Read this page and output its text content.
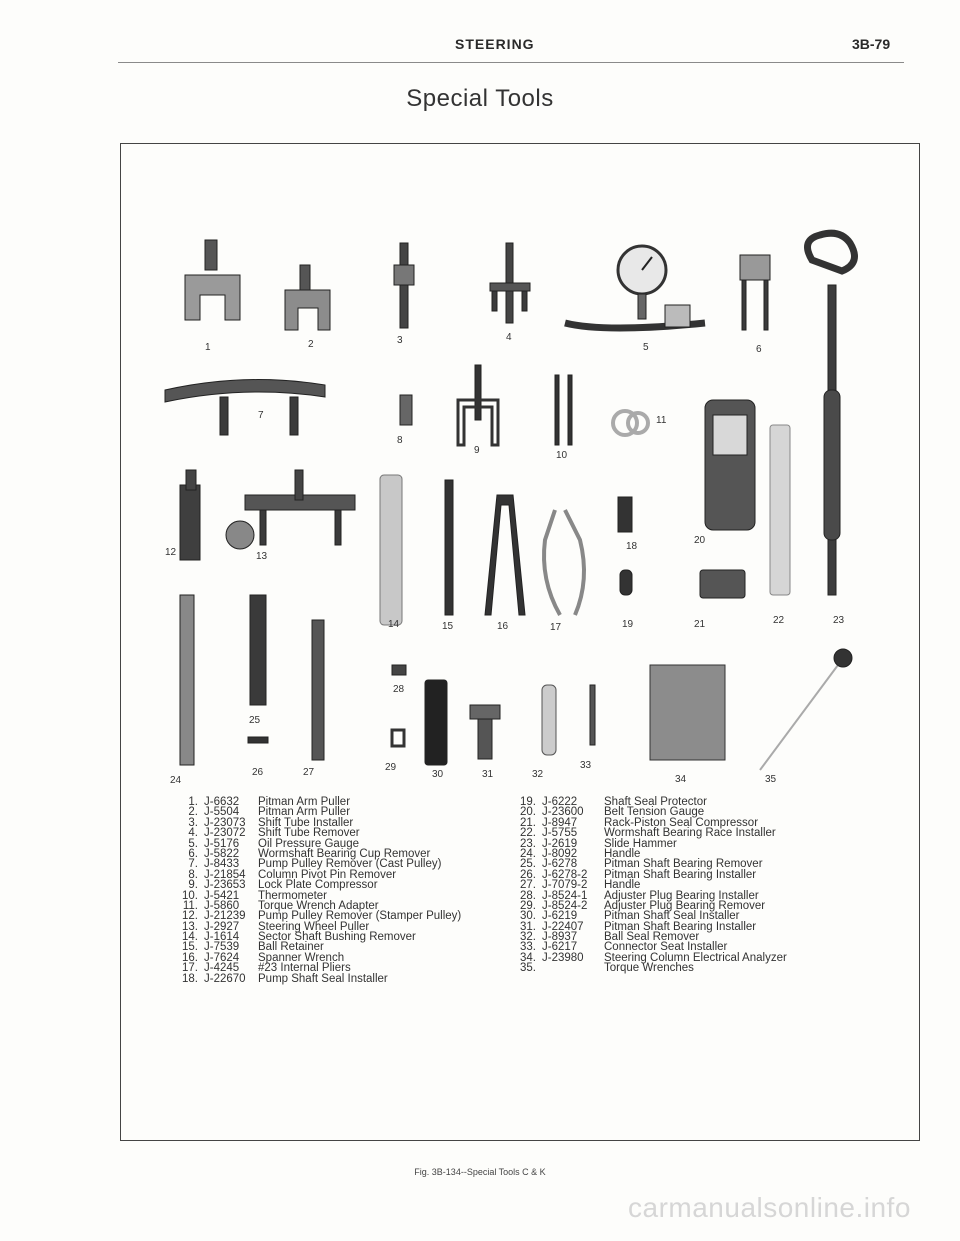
STEERING	3B-79
Special Tools
1	2	3	4
5	6
7
8
9	10
11
12	13
14	15	16	17
18
19
20
21	22	23
24
25
26	27
28
29
30	31	32
33
34	35
1. J-6632	Pitman Arm Puller
2. J-5504	Pitman Arm Puller
3. J-23073	Shift Tube Installer
4. J-23072	Shift Tube Remover
5. J-5176	Oil Pressure Gauge
6. J-5822	Wormshaft Bearing Cup Remover
7. J-8433	Pump Pulley Remover (Cast Pulley)
8. J-21854	Column Pivot Pin Remover
9. J-23653	Lock Plate Compressor
10. J-5421	Thermometer
11. J-5860	Torque Wrench Adapter
12. J-21239	Pump Pulley Remover (Stamper Pulley)
13. J-2927	Steering Wheel Puller
14. J-1614	Sector Shaft Bushing Remover
15. J-7539	Ball Retainer
16. J-7624	Spanner Wrench
17. J-4245	#23 Internal Pliers
18. J-22670	Pump Shaft Seal Installer
19. J-6222	Shaft Seal Protector
20. J-23600	Belt Tension Gauge
21. J-8947	Rack-Piston Seal Compressor
22. J-5755	Wormshaft Bearing Race Installer
23. J-2619	Slide Hammer
24. J-8092	Handle
25. J-6278	Pitman Shaft Bearing Remover
26. J-6278-2	Pitman Shaft Bearing Installer
27. J-7079-2	Handle
28. J-8524-1	Adjuster Plug Bearing Installer
29. J-8524-2	Adjuster Plug Bearing Remover
30. J-6219	Pitman Shaft Seal Installer
31. J-22407	Pitman Shaft Bearing Installer
32. J-8937	Ball Seal Remover
33. J-6217	Connector Seat Installer
34. J-23980	Steering Column Electrical Analyzer
35.	Torque Wrenches
Fig. 3B-134--Special Tools C & K
carmanualsonline.info
